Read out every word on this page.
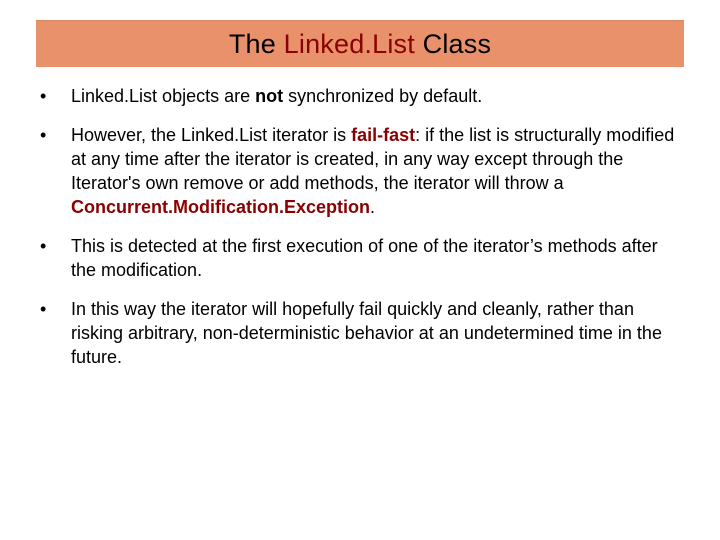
The Linked.List Class
•	Linked.List objects are not synchronized by default.
•	However, the Linked.List iterator is fail-fast: if the list is structurally modified at any time after the iterator is created, in any way except through the Iterator's own remove or add methods, the iterator will throw a Concurrent.Modification.Exception.
•	This is detected at the first execution of one of the iterator’s methods after the modification.
•	In this way the iterator will hopefully fail quickly and cleanly, rather than risking arbitrary, non-deterministic behavior at an undetermined time in the future.
